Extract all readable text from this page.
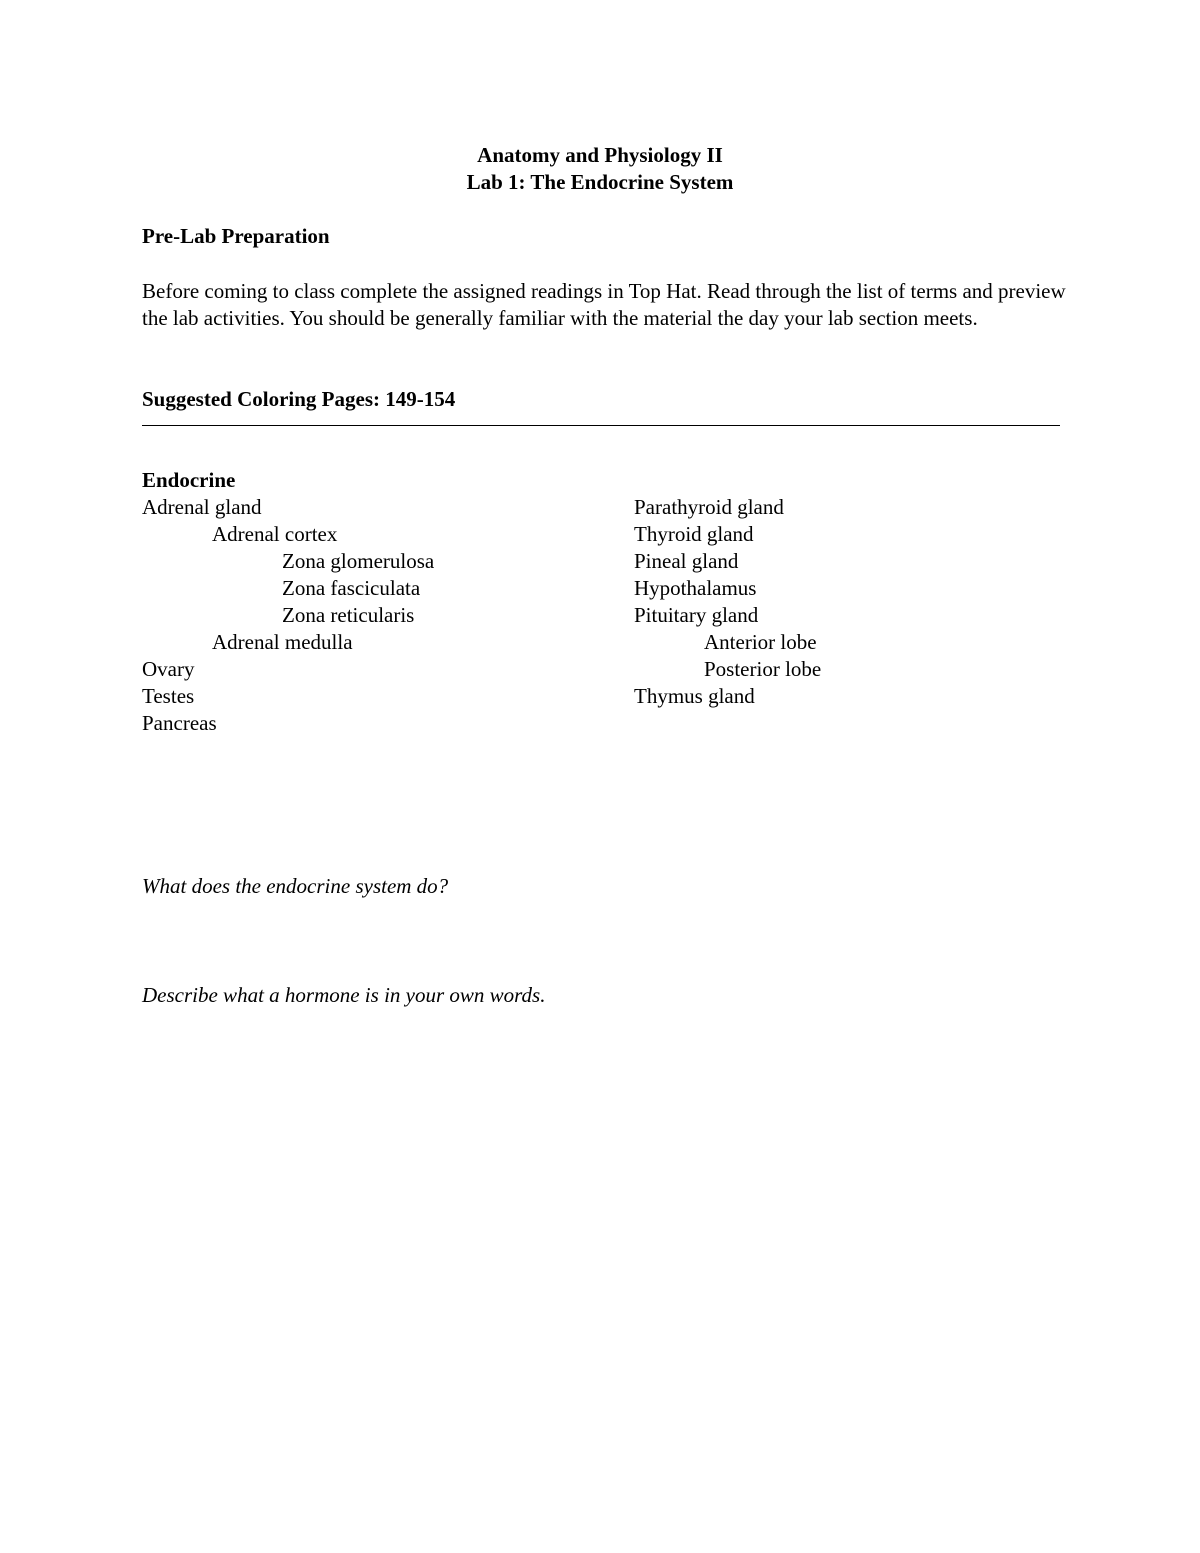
Anatomy and Physiology II

Lab 1: The Endocrine System

Pre-Lab Preparation

Before coming to class complete the assigned readings in Top Hat. Read through the list of terms and preview the lab activities. You should be generally familiar with the material the day your lab section meets.

Suggested Coloring Pages: 149-154

Endocrine

Adrenal gland

Adrenal cortex

Zona glomerulosa

Zona fasciculata

Zona reticularis

Adrenal medulla

Ovary

Testes

Pancreas

Parathyroid gland

Thyroid gland

Pineal gland

Hypothalamus

Pituitary gland

Anterior lobe

Posterior lobe

Thymus gland

What does the endocrine system do?

Describe what a hormone is in your own words.
